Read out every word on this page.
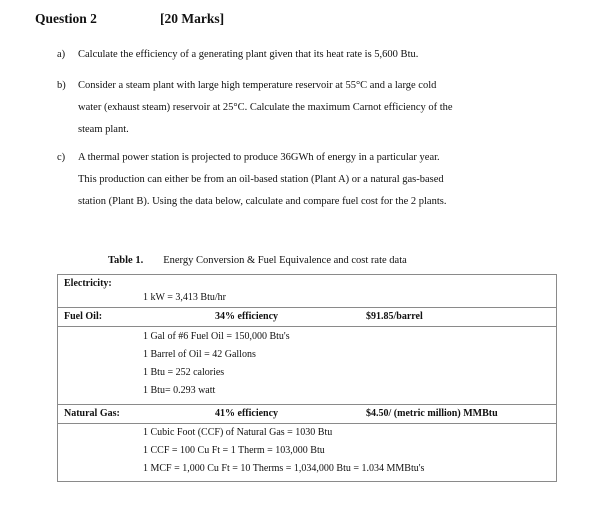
Question 2	[20 Marks]
a) Calculate the efficiency of a generating plant given that its heat rate is 5,600 Btu.
b) Consider a steam plant with large high temperature reservoir at 55°C and a large cold
water (exhaust steam) reservoir at 25°C. Calculate the maximum Carnot efficiency of the
steam plant.
c) A thermal power station is projected to produce 36GWh of energy in a particular year.
This production can either be from an oil-based station (Plant A) or a natural gas-based
station (Plant B). Using the data below, calculate and compare fuel cost for the 2 plants.
Table 1. Energy Conversion & Fuel Equivalence and cost rate data
Electricity:
1 kW = 3,413 Btu/hr
Fuel Oil:	34% efficiency	$91.85/barrel
1 Gal of #6 Fuel Oil = 150,000 Btu's
1 Barrel of Oil = 42 Gallons
1 Btu = 252 calories
1 Btu= 0.293 watt
Natural Gas:	41% efficiency	$4.50/ (metric million) MMBtu
1 Cubic Foot (CCF) of Natural Gas = 1030 Btu
1 CCF = 100 Cu Ft = 1 Therm = 103,000 Btu
1 MCF = 1,000 Cu Ft = 10 Therms = 1,034,000 Btu = 1.034 MMBtu's
